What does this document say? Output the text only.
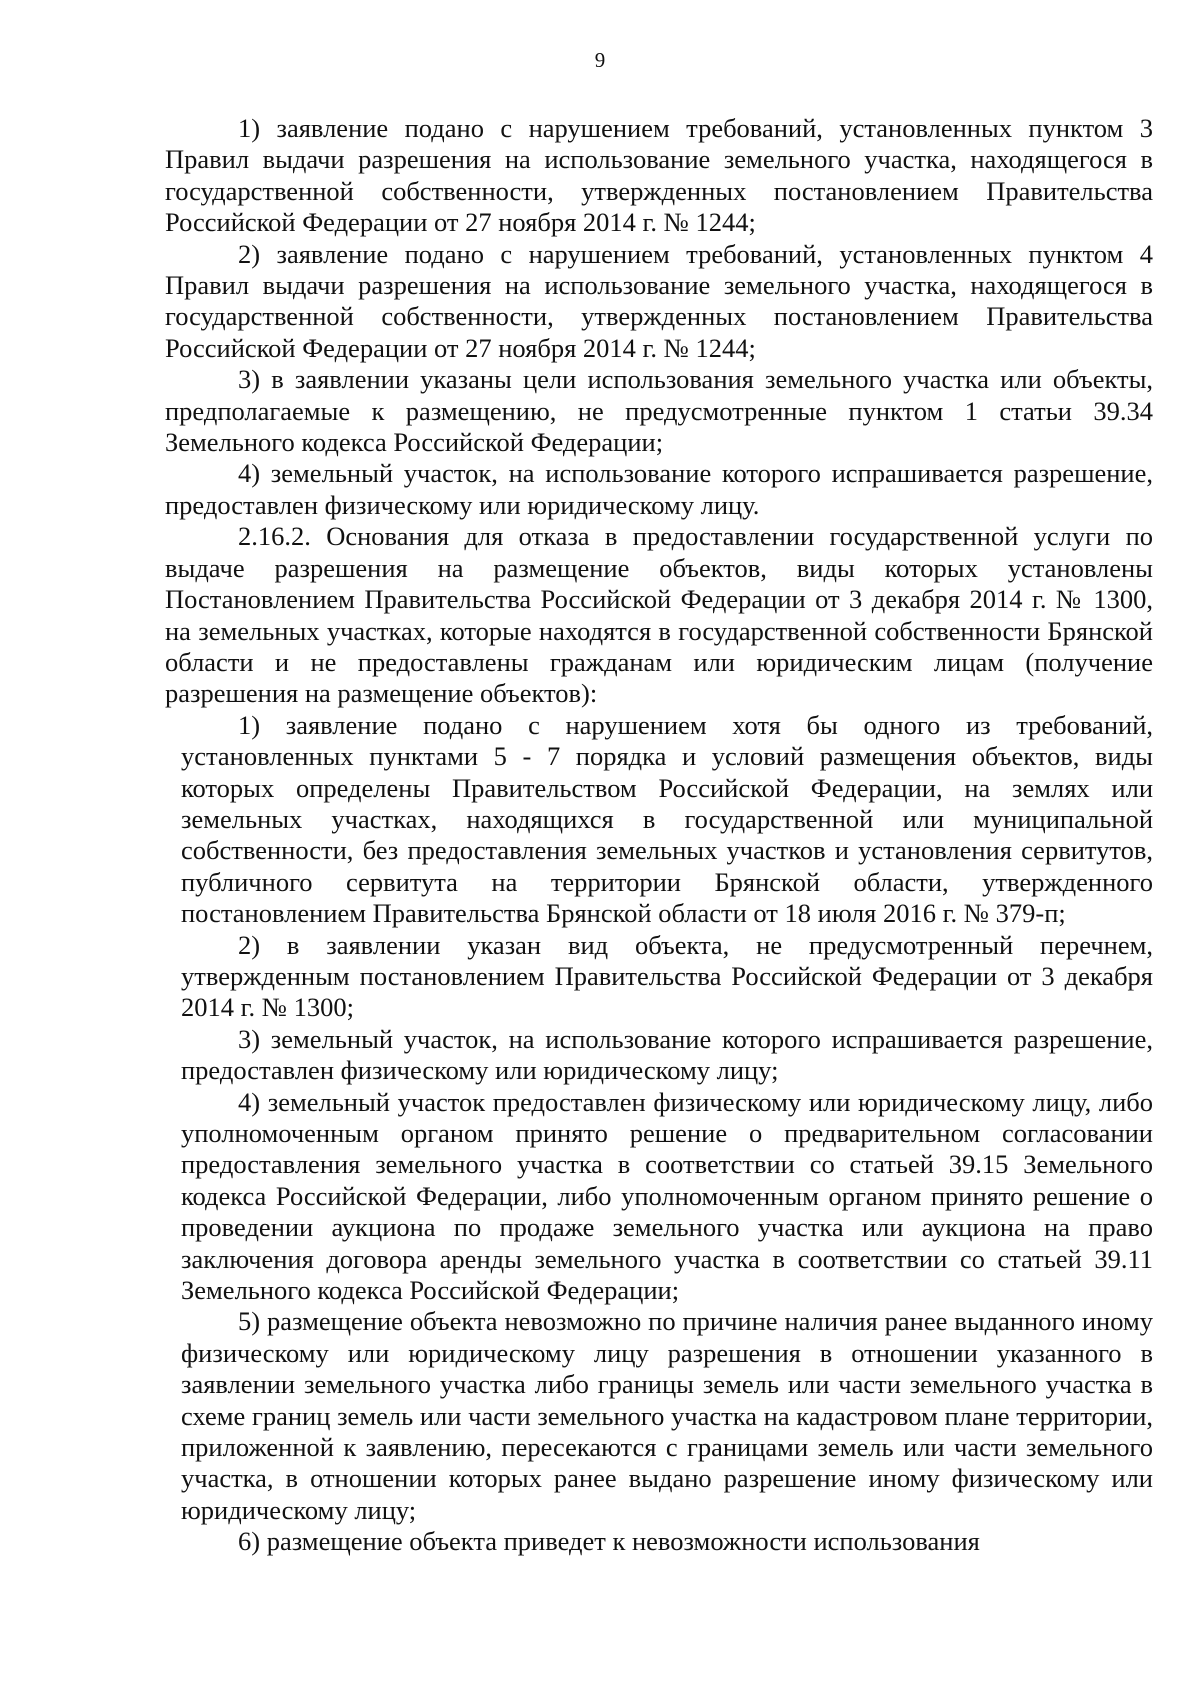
9

1) заявление подано с нарушением требований, установленных пунктом 3 Правил выдачи разрешения на использование земельного участка, находящегося в государственной собственности, утвержденных постановлением Правительства Российской Федерации от 27 ноября 2014 г. № 1244;

2) заявление подано с нарушением требований, установленных пунктом 4 Правил выдачи разрешения на использование земельного участка, находящегося в государственной собственности, утвержденных постановлением Правительства Российской Федерации от 27 ноября 2014 г. № 1244;

3) в заявлении указаны цели использования земельного участка или объекты, предполагаемые к размещению, не предусмотренные пунктом 1 статьи 39.34 Земельного кодекса Российской Федерации;

4) земельный участок, на использование которого испрашивается разрешение, предоставлен физическому или юридическому лицу.

2.16.2. Основания для отказа в предоставлении государственной услуги по выдаче разрешения на размещение объектов, виды которых установлены Постановлением Правительства Российской Федерации от 3 декабря 2014 г. № 1300, на земельных участках, которые находятся в государственной собственности Брянской области и не предоставлены гражданам или юридическим лицам (получение разрешения на размещение объектов):

1) заявление подано с нарушением хотя бы одного из требований, установленных пунктами 5 - 7 порядка и условий размещения объектов, виды которых определены Правительством Российской Федерации, на землях или земельных участках, находящихся в государственной или муниципальной собственности, без предоставления земельных участков и установления сервитутов, публичного сервитута на территории Брянской области, утвержденного постановлением Правительства Брянской области от 18 июля 2016 г. № 379-п;

2) в заявлении указан вид объекта, не предусмотренный перечнем, утвержденным постановлением Правительства Российской Федерации от 3 декабря 2014 г. № 1300;

3) земельный участок, на использование которого испрашивается разрешение, предоставлен физическому или юридическому лицу;

4) земельный участок предоставлен физическому или юридическому лицу, либо уполномоченным органом принято решение о предварительном согласовании предоставления земельного участка в соответствии со статьей 39.15 Земельного кодекса Российской Федерации, либо уполномоченным органом принято решение о проведении аукциона по продаже земельного участка или аукциона на право заключения договора аренды земельного участка в соответствии со статьей 39.11 Земельного кодекса Российской Федерации;

5) размещение объекта невозможно по причине наличия ранее выданного иному физическому или юридическому лицу разрешения в отношении указанного в заявлении земельного участка либо границы земель или части земельного участка в схеме границ земель или части земельного участка на кадастровом плане территории, приложенной к заявлению, пересекаются с границами земель или части земельного участка, в отношении которых ранее выдано разрешение иному физическому или юридическому лицу;

6) размещение объекта приведет к невозможности использования
